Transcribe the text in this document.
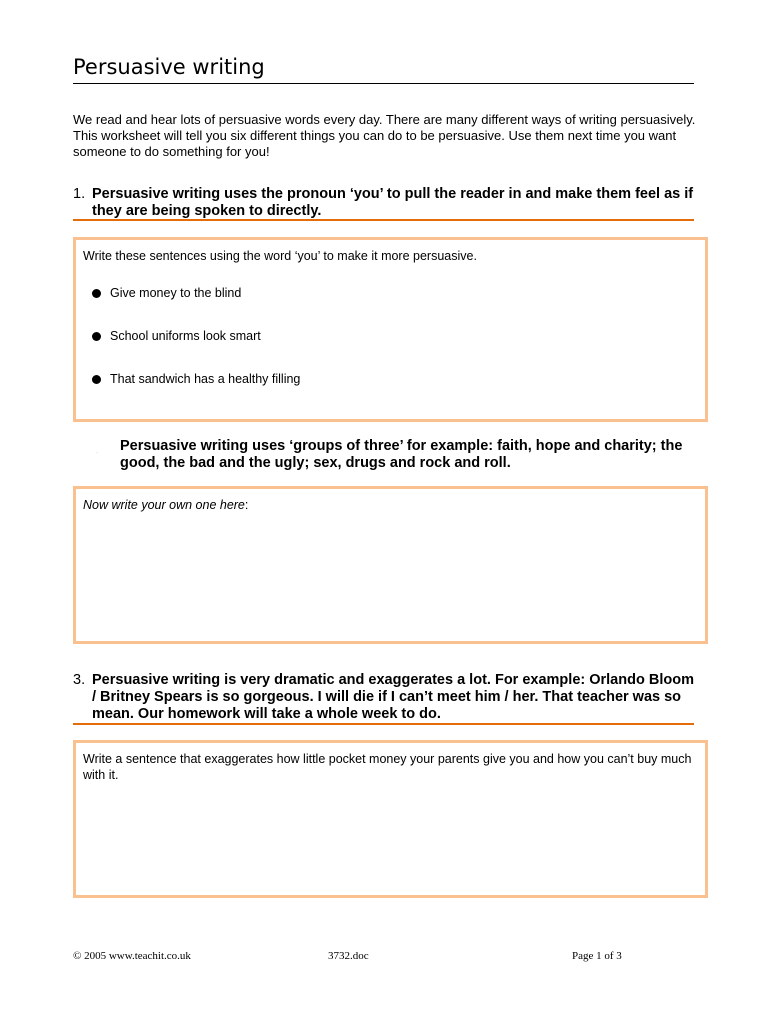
Persuasive writing
We read and hear lots of persuasive words every day. There are many different ways of writing persuasively. This worksheet will tell you six different things you can do to be persuasive. Use them next time you want someone to do something for you!
1. Persuasive writing uses the pronoun ‘you’ to pull the reader in and make them feel as if they are being spoken to directly.
Write these sentences using the word ‘you’ to make it more persuasive.
Give money to the blind
School uniforms look smart
That sandwich has a healthy filling
· Persuasive writing uses ‘groups of three’ for example: faith, hope and charity; the good, the bad and the ugly; sex, drugs and rock and roll.
Now write your own one here:
3. Persuasive writing is very dramatic and exaggerates a lot. For example: Orlando Bloom / Britney Spears is so gorgeous. I will die if I can’t meet him / her. That teacher was so mean. Our homework will take a whole week to do.
Write a sentence that exaggerates how little pocket money your parents give you and how you can’t buy much with it.
© 2005 www.teachit.co.uk	3732.doc	Page 1 of 3
